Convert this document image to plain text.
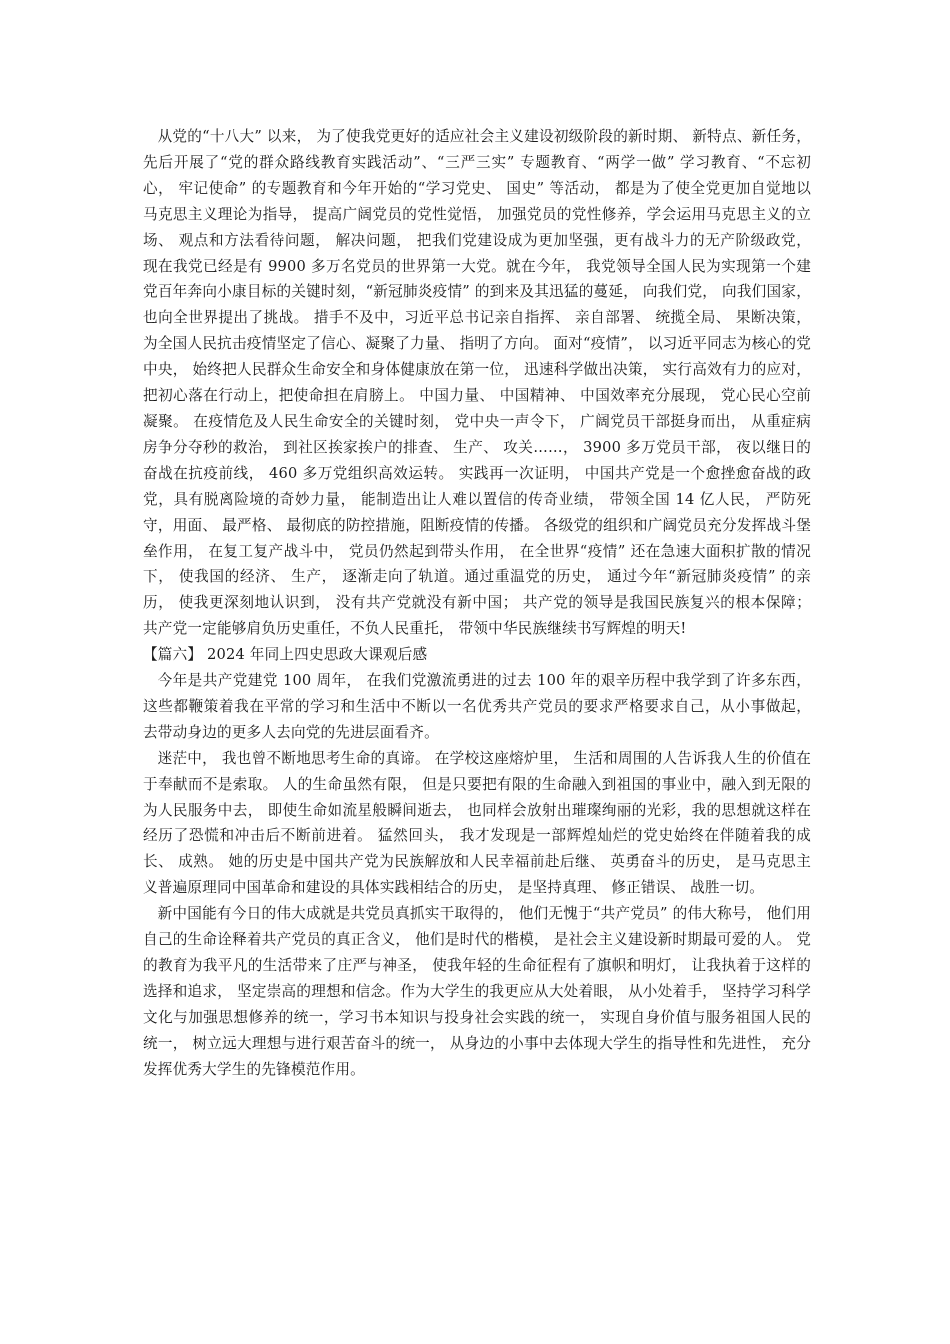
从党的“十八大” 以来， 为了使我党更好的适应社会主义建设初级阶段的新时期、 新特点、新任务， 先后开展了“党的群众路线教育实践活动”、“三严三实” 专题教育、“两学一做” 学习教育、“不忘初心， 牢记使命” 的专题教育和今年开始的“学习党史、 国史” 等活动， 都是为了使全党更加自觉地以马克思主义理论为指导， 提高广阔党员的党性觉悟， 加强党员的党性修养，学会运用马克思主义的立场、 观点和方法看待问题， 解决问题， 把我们党建设成为更加坚强，更有战斗力的无产阶级政党， 现在我党已经是有 9900 多万名党员的世界第一大党。就在今年， 我党领导全国人民为实现第一个建党百年奔向小康目标的关键时刻，“新冠肺炎疫情” 的到来及其迅猛的蔓延， 向我们党， 向我们国家， 也向全世界提出了挑战。 措手不及中，习近平总书记亲自指挥、 亲自部署、 统揽全局、 果断决策， 为全国人民抗击疫情坚定了信心、凝聚了力量、 指明了方向。 面对“疫情”， 以习近平同志为核心的党中央， 始终把人民群众生命安全和身体健康放在第一位， 迅速科学做出决策， 实行高效有力的应对， 把初心落在行动上，把使命担在肩膀上。 中国力量、 中国精神、 中国效率充分展现， 党心民心空前凝聚。 在疫情危及人民生命安全的关键时刻， 党中央一声令下， 广阔党员干部挺身而出， 从重症病房争分夺秒的救治， 到社区挨家挨户的排查、 生产、 攻关……， 3900 多万党员干部， 夜以继日的奋战在抗疫前线， 460 多万党组织高效运转。 实践再一次证明， 中国共产党是一个愈挫愈奋战的政党，具有脱离险境的奇妙力量， 能制造出让人难以置信的传奇业绩， 带领全国 14 亿人民， 严防死守，用面、 最严格、 最彻底的防控措施，阻断疫情的传播。 各级党的组织和广阔党员充分发挥战斗堡垒作用， 在复工复产战斗中， 党员仍然起到带头作用， 在全世界“疫情” 还在急速大面积扩散的情况下， 使我国的经济、 生产， 逐渐走向了轨道。通过重温党的历史， 通过今年“新冠肺炎疫情” 的亲历， 使我更深刻地认识到， 没有共产党就没有新中国； 共产党的领导是我国民族复兴的根本保障； 共产党一定能够肩负历史重任，不负人民重托， 带领中华民族继续书写辉煌的明天!

【篇六】 2024 年同上四史思政大课观后感

今年是共产党建党 100 周年， 在我们党激流勇进的过去 100 年的艰辛历程中我学到了许多东西， 这些都鞭策着我在平常的学习和生活中不断以一名优秀共产党员的要求严格要求自己，从小事做起， 去带动身边的更多人去向党的先进层面看齐。

迷茫中， 我也曾不断地思考生命的真谛。 在学校这座熔炉里， 生活和周围的人告诉我人生的价值在于奉献而不是索取。 人的生命虽然有限， 但是只要把有限的生命融入到祖国的事业中，融入到无限的为人民服务中去， 即使生命如流星般瞬间逝去， 也同样会放射出璀璨绚丽的光彩，我的思想就这样在经历了恐慌和冲击后不断前进着。 猛然回头， 我才发现是一部辉煌灿烂的党史始终在伴随着我的成长、 成熟。 她的历史是中国共产党为民族解放和人民幸福前赴后继、 英勇奋斗的历史， 是马克思主义普遍原理同中国革命和建设的具体实践相结合的历史， 是坚持真理、 修正错误、 战胜一切。

新中国能有今日的伟大成就是共党员真抓实干取得的， 他们无愧于“共产党员” 的伟大称号， 他们用自己的生命诠释着共产党员的真正含义， 他们是时代的楷模， 是社会主义建设新时期最可爱的人。 党的教育为我平凡的生活带来了庄严与神圣， 使我年轻的生命征程有了旗帜和明灯， 让我执着于这样的选择和追求， 坚定崇高的理想和信念。作为大学生的我更应从大处着眼， 从小处着手， 坚持学习科学文化与加强思想修养的统一，学习书本知识与投身社会实践的统一， 实现自身价值与服务祖国人民的统一， 树立远大理想与进行艰苦奋斗的统一， 从身边的小事中去体现大学生的指导性和先进性， 充分发挥优秀大学生的先锋模范作用。
